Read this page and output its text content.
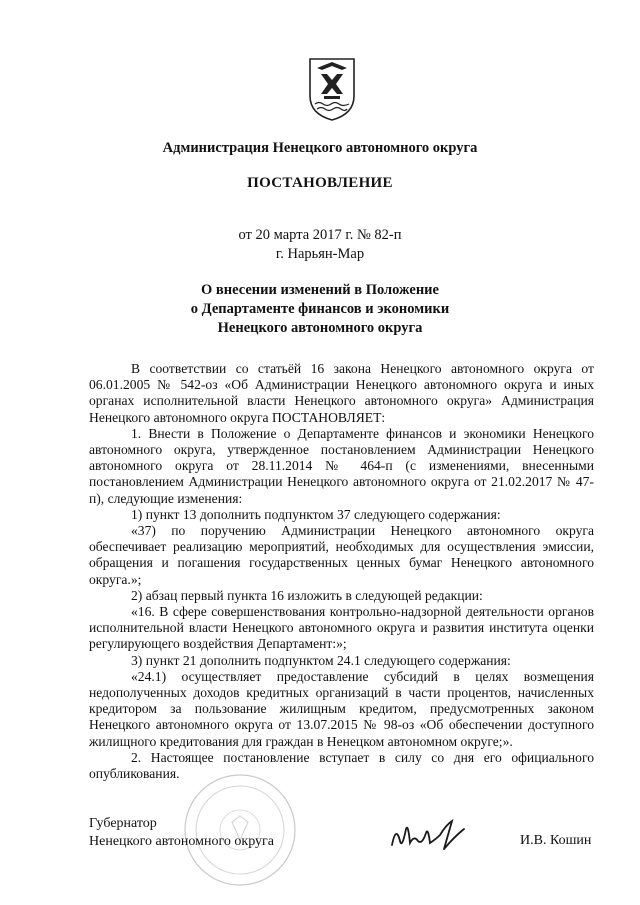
Администрация Ненецкого автономного округа

ПОСТАНОВЛЕНИЕ

от 20 марта 2017 г. № 82-п

г. Нарьян-Мар

О внесении изменений в Положение
о Департаменте финансов и экономики
Ненецкого автономного округа

В соответствии со статьёй 16 закона Ненецкого автономного округа от 06.01.2005 № 542-оз «Об Администрации Ненецкого автономного округа и иных органах исполнительной власти Ненецкого автономного округа» Администрация Ненецкого автономного округа ПОСТАНОВЛЯЕТ:

1. Внести в Положение о Департаменте финансов и экономики Ненецкого автономного округа, утвержденное постановлением Администрации Ненецкого автономного округа от 28.11.2014 № 464-п (с изменениями, внесенными постановлением Администрации Ненецкого автономного округа от 21.02.2017 № 47-п), следующие изменения:

1) пункт 13 дополнить подпунктом 37 следующего содержания:

«37) по поручению Администрации Ненецкого автономного округа обеспечивает реализацию мероприятий, необходимых для осуществления эмиссии, обращения и погашения государственных ценных бумаг Ненецкого автономного округа.»;

2) абзац первый пункта 16 изложить в следующей редакции:

«16. В сфере совершенствования контрольно-надзорной деятельности органов исполнительной власти Ненецкого автономного округа и развития института оценки регулирующего воздействия Департамент:»;

3) пункт 21 дополнить подпунктом 24.1 следующего содержания:

«24.1) осуществляет предоставление субсидий в целях возмещения недополученных доходов кредитных организаций в части процентов, начисленных кредитором за пользование жилищным кредитом, предусмотренных законом Ненецкого автономного округа от 13.07.2015 № 98-оз «Об обеспечении доступного жилищного кредитования для граждан в Ненецком автономном округе;».

2. Настоящее постановление вступает в силу со дня его официального опубликования.

Губернатор
Ненецкого автономного округа	И.В. Кошин
